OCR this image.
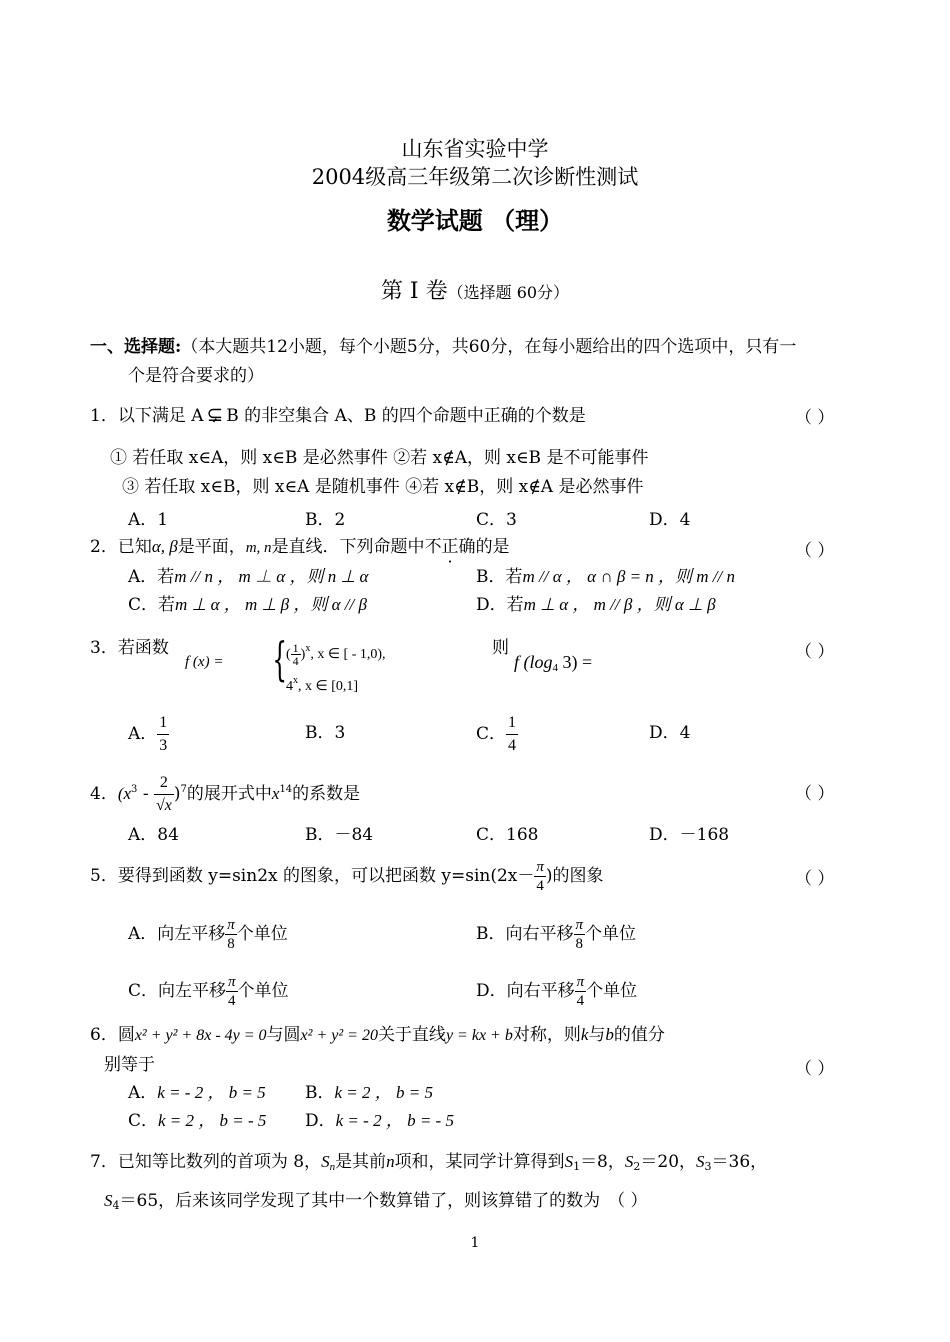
山东省实验中学
2004级高三年级第二次诊断性测试
数学试题 （理）
第 I 卷（选择题 60分）
一、选择题:（本大题共12小题，每个小题5分，共60分，在每小题给出的四个选项中，只有一
个是符合要求的）
1．以下满足 A ⊊ B 的非空集合 A、B 的四个命题中正确的个数是	（ ）
① 若任取 x∈A，则 x∈B 是必然事件 ②若 x∉A，则 x∈B 是不可能事件
③ 若任取 x∈B，则 x∈A 是随机事件 ④若 x∉B，则 x∉A 是必然事件
A．1	B．2	C．3	D．4
2．已知α, β是平面，m, n是直线．下列命题中不正确的是	（ ）
A．若m // n ， m ⊥ α ，则 n ⊥ α	B．若m // α ， α ∩ β = n ，则 m // n
C．若m ⊥ α ， m ⊥ β ，则 α // β	D．若m ⊥ α ， m // β ，则 α ⊥ β
3．若函数
f (x) = { ( $\frac{1}{4} )^x$, x ∈ [ - 1,0),
4$^x$, x ∈ [0,1]
则
f ($\log_4$ 3) =	（ ）
A． $\frac{1}{3}$	B．3	C． $\frac{1}{4}$	D．4
4．$(x^3 - \frac{2}{√x} )^7$的展开式中$x^{14}$的系数是	（ ）
A．84	B．－84	C．168	D．－168
5．要得到函数 y=sin2x 的图象，可以把函数 $y=\sin(2x- \frac{\pi}{4}$ )的图象	（ ）
A．向左平移 $\frac{\pi}{8}$ 个单位	B．向右平移 $\frac{\pi}{8}$ 个单位
C．向左平移 $\frac{\pi}{4}$ 个单位	D．向右平移 $\frac{\pi}{4}$ 个单位
6．圆x² + y² + 8x - 4y = 0与圆x² + y² = 20关于直线y = kx + b对称，则k与b的值分
别等于	（ ）
A．k = - 2 ， b = 5 B．k = 2 ， b = 5
C．k = 2 ， b = - 5 D．k = - 2 ， b = - 5
7．已知等比数列的首项为 8，$S_n$是其前n项和，某同学计算得到$S_1=8$，$S_2=20$，$S_3=36$，
$S_4=65$，后来该同学发现了其中一个数算错了，则该算错了的数为 （ ）
1
